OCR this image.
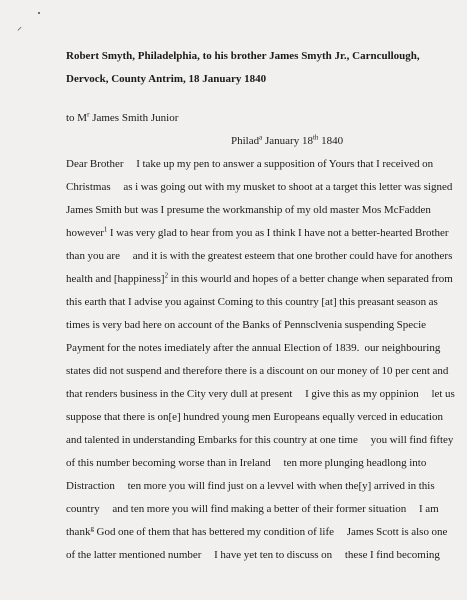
⸍
Robert Smyth, Philadelphia, to his brother James Smyth Jr., Carncullough,
Dervock, County Antrim, 18 January 1840
to $M^r$ James Smith Junior
Philad$^a$ January 18th 1840
Dear Brother     I take up my pen to answer a supposition of Yours that I received on
Christmas     as i was going out with my musket to shoot at a target this letter was signed
James Smith but was I presume the workmanship of my old master Mos McFadden
however$^1$ I was very glad to hear from you as I think I have not a better-hearted Brother
than you are     and it is with the greatest esteem that one brother could have for anothers
health and [happiness]$^2$ in this wourld and hopes of a better change when separated from
this earth that I advise you against Coming to this country [at] this preasant season as
times is very bad here on account of the Banks of Pennsclvenia suspending Specie
Payment for the notes imediately after the annual Election of 1839.  our neighbouring
states did not suspend and therefore there is a discount on our money of 10 per cent and
that renders business in the City very dull at present     I give this as my oppinion     let us
suppose that there is on[e] hundred young men Europeans equally verced in education
and talented in understanding Embarks for this country at one time     you will find fiftey
of this number becoming worse than in Ireland     ten more plunging headlong into
Distraction     ten more you will find just on a levvel with when the[y] arrived in this
country     and ten more you will find making a better of their former situation     I am
thank$^g$ God one of them that has bettered my condition of life     James Scott is also one
of the latter mentioned number     I have yet ten to discuss on     these I find becoming
